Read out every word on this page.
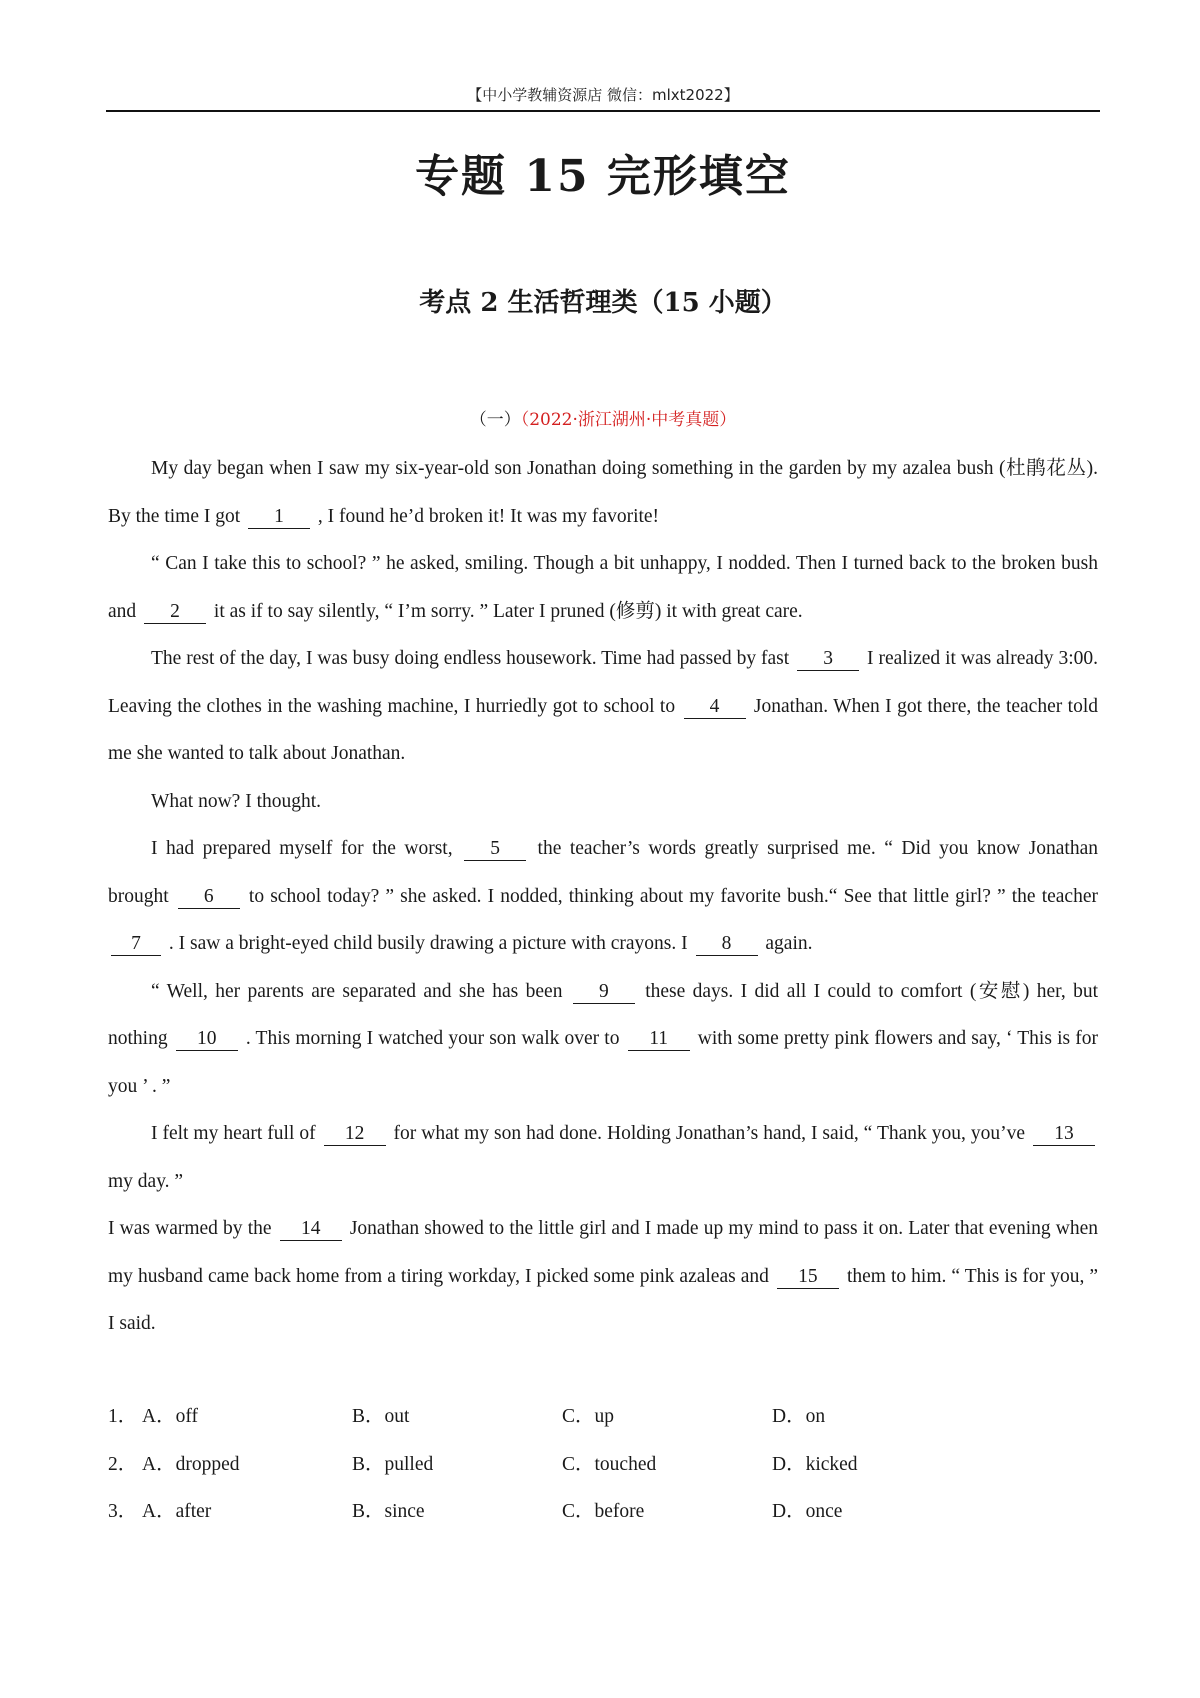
【中小学教辅资源店 微信：mlxt2022】
专题 15 完形填空
考点 2 生活哲理类（15 小题）
（一）（2022·浙江湖州·中考真题）

My day began when I saw my six-year-old son Jonathan doing something in the garden by my azalea bush (杜鹃花丛). By the time I got 1 , I found he’d broken it! It was my favorite!

“ Can I take this to school? ” he asked, smiling. Though a bit unhappy, I nodded. Then I turned back to the broken bush and 2 it as if to say silently, “ I’m sorry. ” Later I pruned (修剪) it with great care.

The rest of the day, I was busy doing endless housework. Time had passed by fast 3 I realized it was already 3:00. Leaving the clothes in the washing machine, I hurriedly got to school to 4 Jonathan. When I got there, the teacher told me she wanted to talk about Jonathan.

What now? I thought.

I had prepared myself for the worst, 5 the teacher’s words greatly surprised me. “ Did you know Jonathan brought 6 to school today? ” she asked. I nodded, thinking about my favorite bush.“ See that little girl? ” the teacher 7 . I saw a bright-eyed child busily drawing a picture with crayons. I 8 again.

“ Well, her parents are separated and she has been 9 these days. I did all I could to comfort (安慰) her, but nothing 10 . This morning I watched your son walk over to 11 with some pretty pink flowers and say, ‘ This is for you ’ . ”

I felt my heart full of 12 for what my son had done. Holding Jonathan’s hand, I said, “ Thank you, you’ve 13 my day. ”

I was warmed by the 14 Jonathan showed to the little girl and I made up my mind to pass it on. Later that evening when my husband came back home from a tiring workday, I picked some pink azaleas and 15 them to him. “ This is for you, ” I said.

1． A．off	B．out	C．up	D．on
2． A．dropped	B．pulled	C．touched	D．kicked
3． A．after	B．since	C．before	D．once
